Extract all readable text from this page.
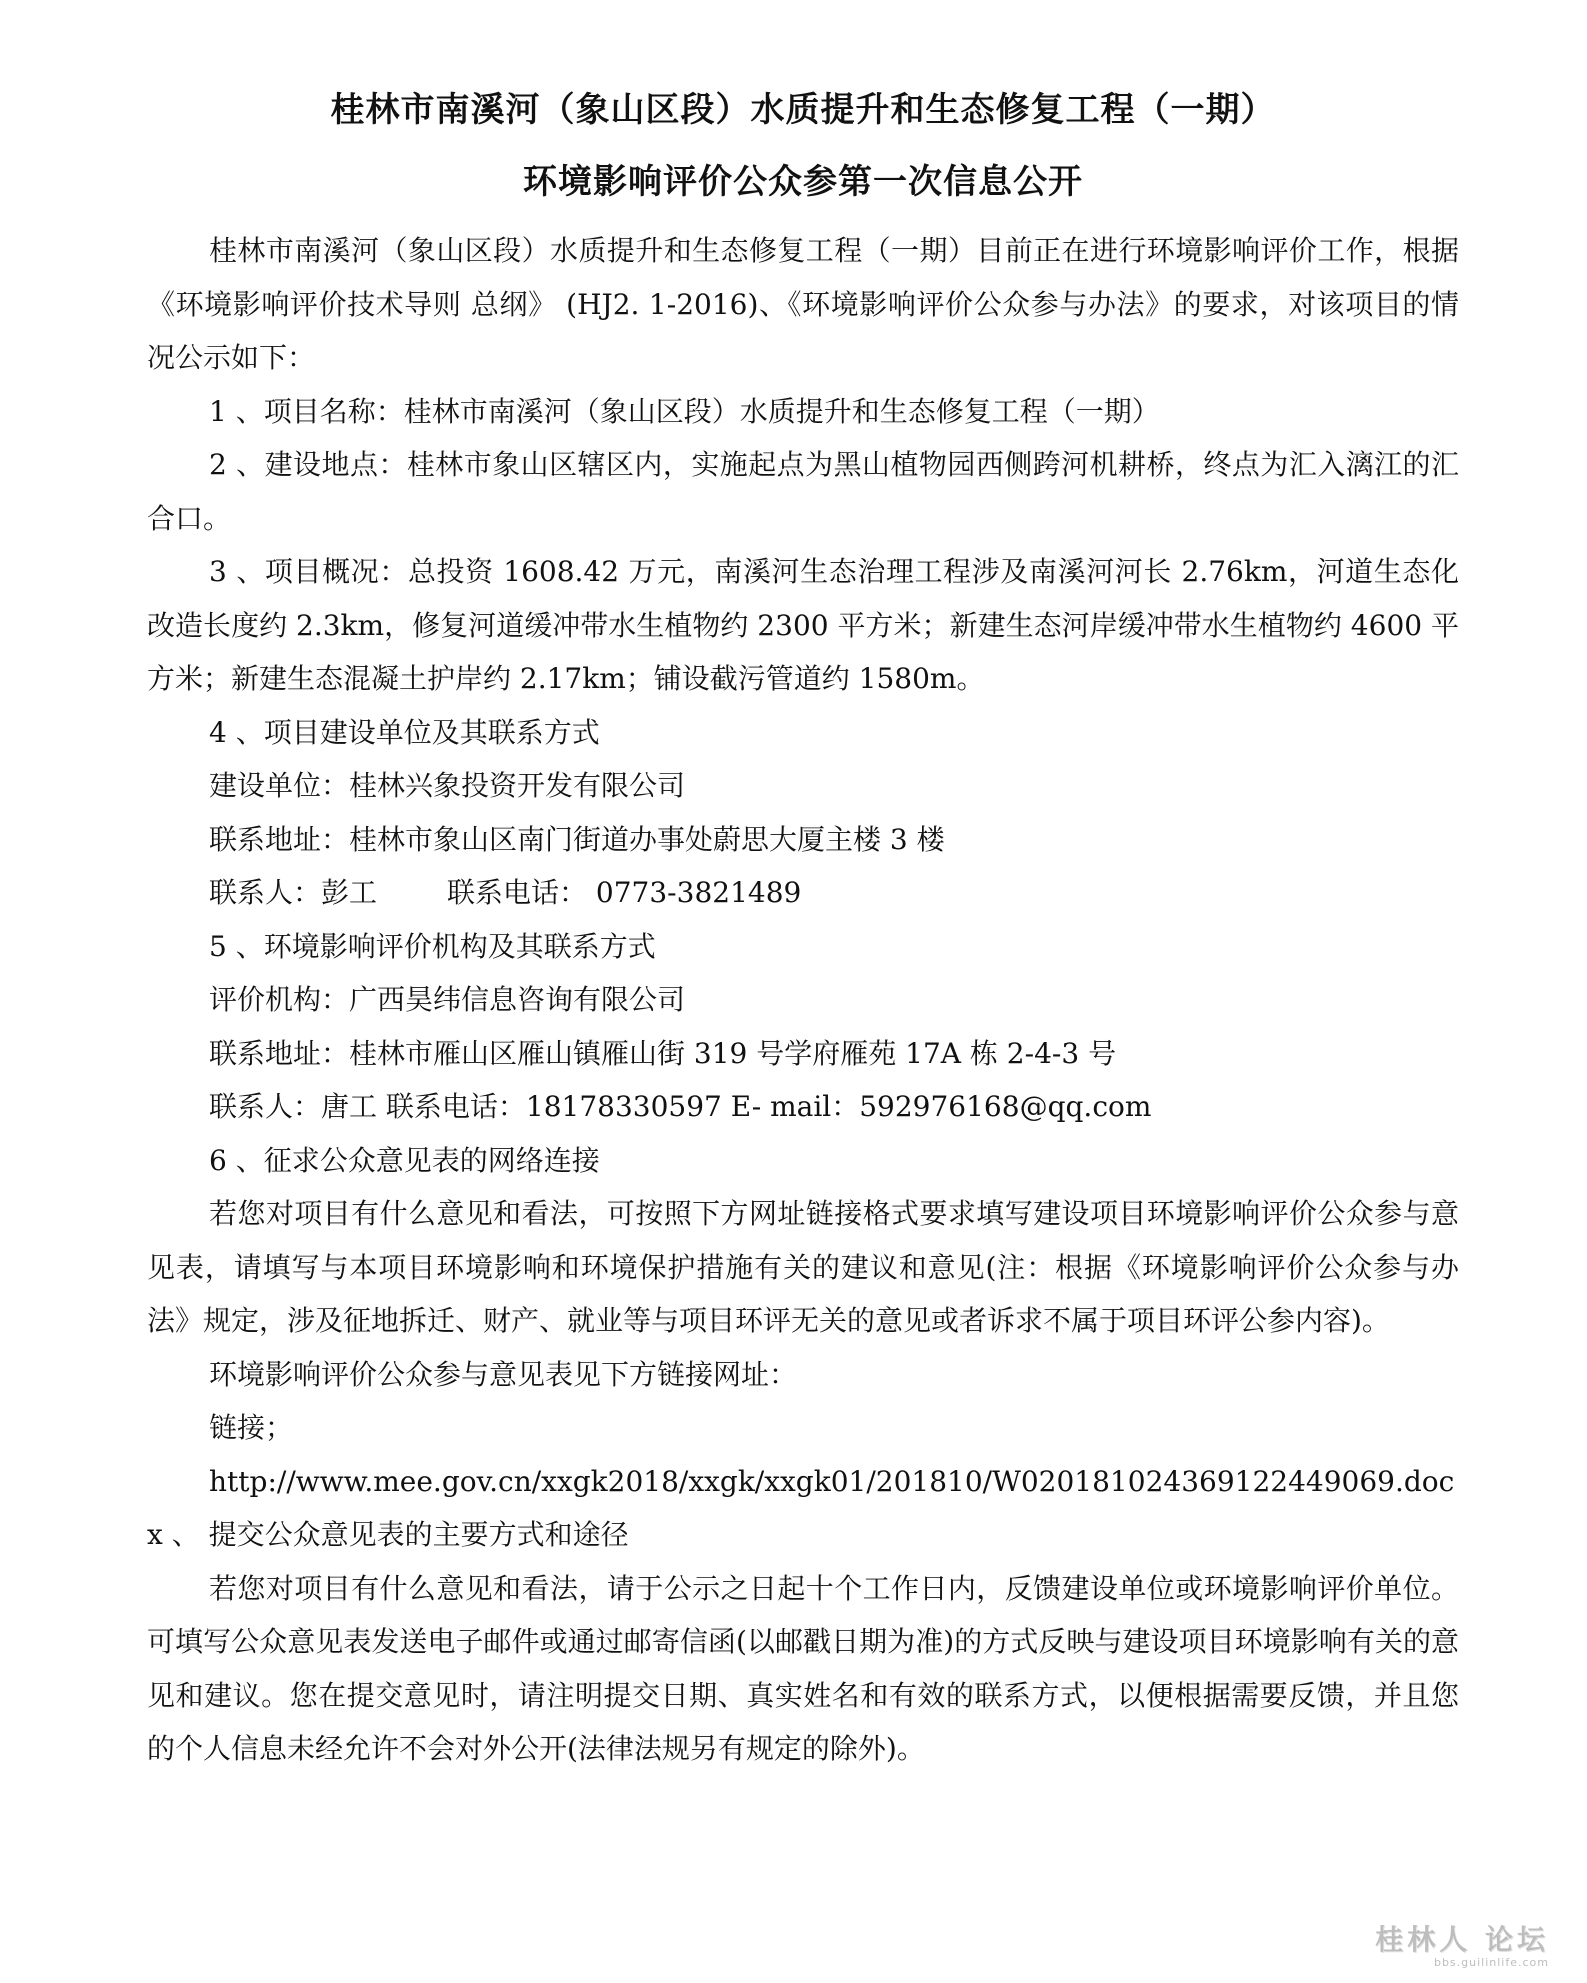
桂林市南溪河（象山区段）水质提升和生态修复工程（一期）
环境影响评价公众参第一次信息公开

桂林市南溪河（象山区段）水质提升和生态修复工程（一期）目前正在进行环境影响评价工作，根据《环境影响评价技术导则 总纲》 (HJ2. 1-2016)、《环境影响评价公众参与办法》的要求，对该项目的情况公示如下：

1 、项目名称：桂林市南溪河（象山区段）水质提升和生态修复工程（一期）

2 、建设地点：桂林市象山区辖区内，实施起点为黑山植物园西侧跨河机耕桥，终点为汇入漓江的汇合口。

3 、项目概况：总投资 1608.42 万元，南溪河生态治理工程涉及南溪河河长 2.76km，河道生态化改造长度约 2.3km，修复河道缓冲带水生植物约 2300 平方米；新建生态河岸缓冲带水生植物约 4600 平方米；新建生态混凝土护岸约 2.17km；铺设截污管道约 1580m。

4 、项目建设单位及其联系方式

建设单位：桂林兴象投资开发有限公司

联系地址：桂林市象山区南门街道办事处蔚思大厦主楼 3 楼

联系人：彭工	联系电话： 0773-3821489

5 、环境影响评价机构及其联系方式

评价机构：广西昊纬信息咨询有限公司

联系地址：桂林市雁山区雁山镇雁山街 319 号学府雁苑 17A 栋 2-4-3 号

联系人：唐工 联系电话：18178330597 E- mail：592976168@qq.com

6 、征求公众意见表的网络连接

若您对项目有什么意见和看法，可按照下方网址链接格式要求填写建设项目环境影响评价公众参与意见表，请填写与本项目环境影响和环境保护措施有关的建议和意见(注：根据《环境影响评价公众参与办法》规定，涉及征地拆迁、财产、就业等与项目环评无关的意见或者诉求不属于项目环评公参内容)。

环境影响评价公众参与意见表见下方链接网址：

链接；

http://www.mee.gov.cn/xxgk2018/xxgk/xxgk01/201810/W020181024369122449069.docx 、 提交公众意见表的主要方式和途径

若您对项目有什么意见和看法，请于公示之日起十个工作日内，反馈建设单位或环境影响评价单位。可填写公众意见表发送电子邮件或通过邮寄信函(以邮戳日期为准)的方式反映与建设项目环境影响有关的意见和建议。您在提交意见时，请注明提交日期、真实姓名和有效的联系方式，以便根据需要反馈，并且您的个人信息未经允许不会对外公开(法律法规另有规定的除外)。

桂林人 论坛
bbs.guilinlife.com
